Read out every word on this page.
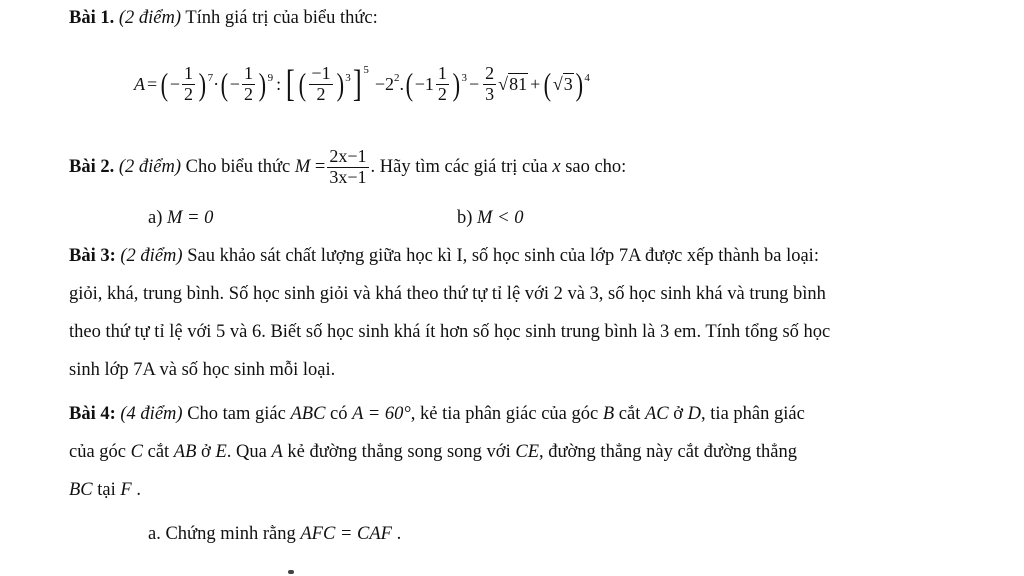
Bài 1. (2 điểm) Tính giá trị của biểu thức:
A = ( − $\frac{1}{2}$ ) 7 · ( − $\frac{1}{2}$ ) 9 : [ ( $\frac{-1}{2}$ ) 3 ] 5
−2 2 . ( $-1 \frac{1}{2}$ ) $3 - \frac{2}{3} √81$ + ( √3 ) 4
Bài 2.
(2 điểm) Cho biểu thức M
= $\frac{2x-1}{3x-1}$ . Hãy tìm các giá trị của x sao cho:
a) M = 0	b) M < 0
Bài 3: (2 điểm) Sau khảo sát chất lượng giữa học kì I, số học sinh của lớp 7A được xếp thành ba loại:
giỏi, khá, trung bình. Số học sinh giỏi và khá theo thứ tự tỉ lệ với 2 và 3, số học sinh khá và trung bình
theo thứ tự tỉ lệ với 5 và 6. Biết số học sinh khá ít hơn số học sinh trung bình là 3 em. Tính tổng số học
sinh lớp 7A và số học sinh mỗi loại.
Bài 4: (4 điểm) Cho tam giác ABC có A = 60°, kẻ tia phân giác của góc B cắt AC ở D, tia phân giác
của góc C cắt AB ở E. Qua A kẻ đường thẳng song song với CE, đường thẳng này cắt đường thẳng
BC tại F .
a. Chứng minh rằng AFC = CAF .
